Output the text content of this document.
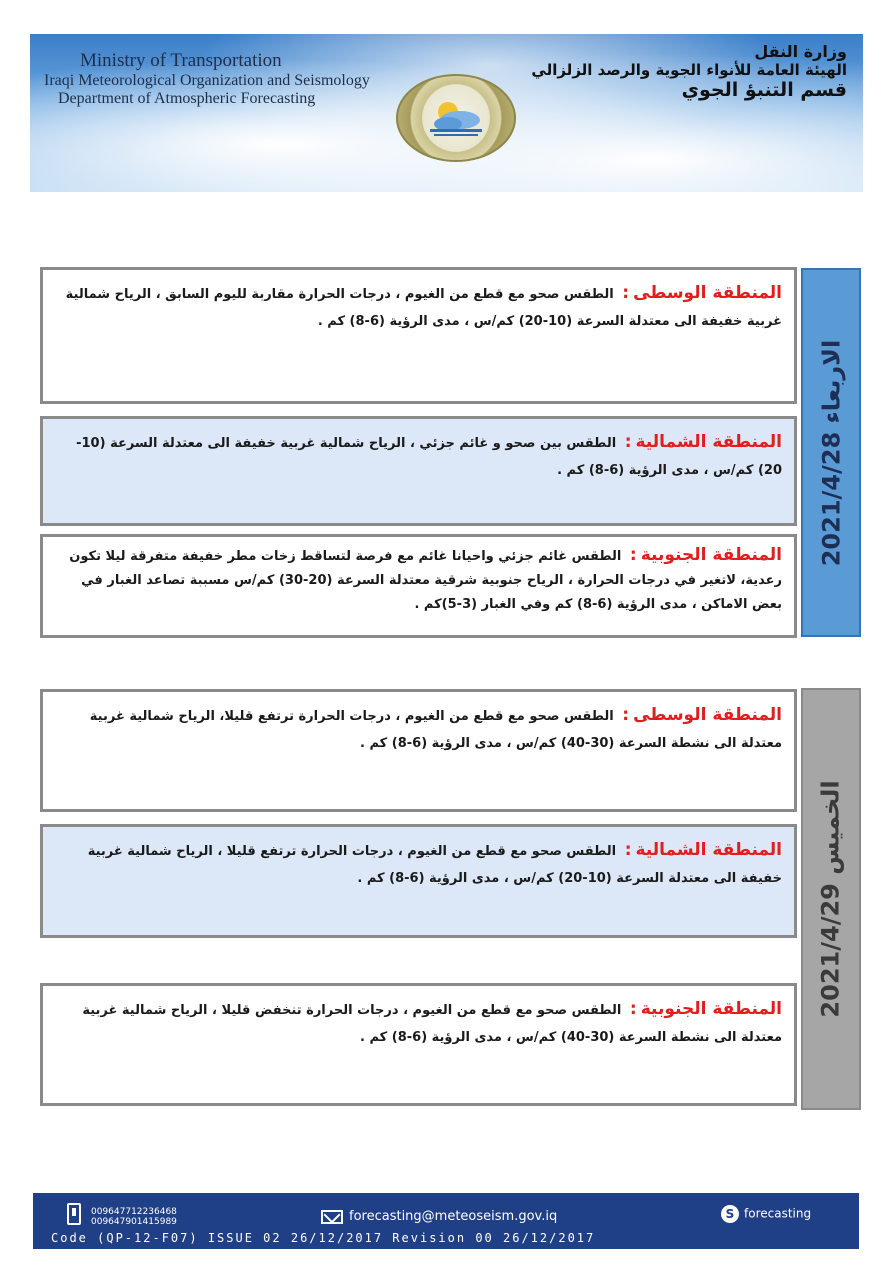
Ministry of Transportation
Iraqi Meteorological Organization and Seismology
Department of Atmospheric Forecasting
وزارة النقل
الهيئة العامة للأنواء الجوية والرصد الزلزالي
قسم التنبؤ الجوي
المنطقة الوسطى: الطقس صحو مع قطع من الغيوم ، درجات الحرارة مقاربة لليوم السابق ، الرياح شمالية غربية خفيفة الى معتدلة السرعة (10-20) كم/س ، مدى الرؤية (6-8) كم .
المنطقة الشمالية: الطقس بين صحو و غائم جزئي ، الرياح شمالية غربية خفيفة الى معتدلة السرعة (10-20) كم/س ، مدى الرؤية (6-8) كم .
المنطقة الجنوبية: الطقس غائم جزئي واحيانا غائم مع فرصة لتساقط زخات مطر خفيفة متفرقة ليلا تكون رعدية، لاتغير في درجات الحرارة ، الرياح جنوبية شرقية معتدلة السرعة (20-30) كم/س مسببة تصاعد الغبار في بعض الاماكن ، مدى الرؤية (6-8) كم وفي الغبار (3-5)كم .
الاربعاء 2021/4/28
المنطقة الوسطى: الطقس صحو مع قطع من الغيوم ، درجات الحرارة ترتفع قليلا، الرياح شمالية غربية معتدلة الى نشطة السرعة (30-40) كم/س ، مدى الرؤية (6-8) كم .
المنطقة الشمالية: الطقس صحو مع قطع من الغيوم ، درجات الحرارة ترتفع قليلا ، الرياح شمالية غربية خفيفة الى معتدلة السرعة (10-20) كم/س ، مدى الرؤية (6-8) كم .
المنطقة الجنوبية: الطقس صحو مع قطع من الغيوم ، درجات الحرارة تنخفض قليلا ، الرياح شمالية غربية معتدلة الى نشطة السرعة (30-40) كم/س ، مدى الرؤية (6-8) كم .
الخميس 2021/4/29
009647712236468
009647901415989	forecasting@meteoseism.gov.iq	S forecasting
Code (QP-12-F07) ISSUE 02 26/12/2017 Revision 00 26/12/2017
